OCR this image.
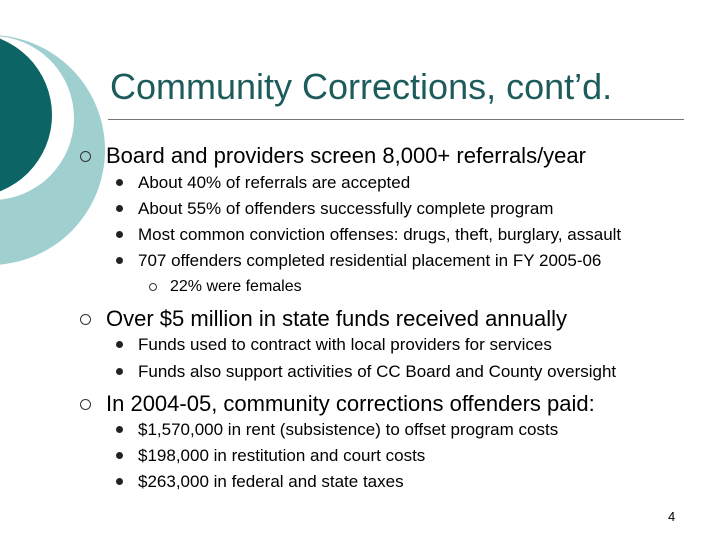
Community Corrections, cont’d.
Board and providers screen 8,000+ referrals/year
About 40% of referrals are accepted
About 55% of offenders successfully complete program
Most common conviction offenses: drugs, theft, burglary, assault
707 offenders completed residential placement in FY 2005-06
22% were females
Over $5 million in state funds received annually
Funds used to contract with local providers for services
Funds also support activities of CC Board and County oversight
In 2004-05, community corrections offenders paid:
$1,570,000 in rent (subsistence) to offset program costs
$198,000 in restitution and court costs
$263,000 in federal and state taxes
4
